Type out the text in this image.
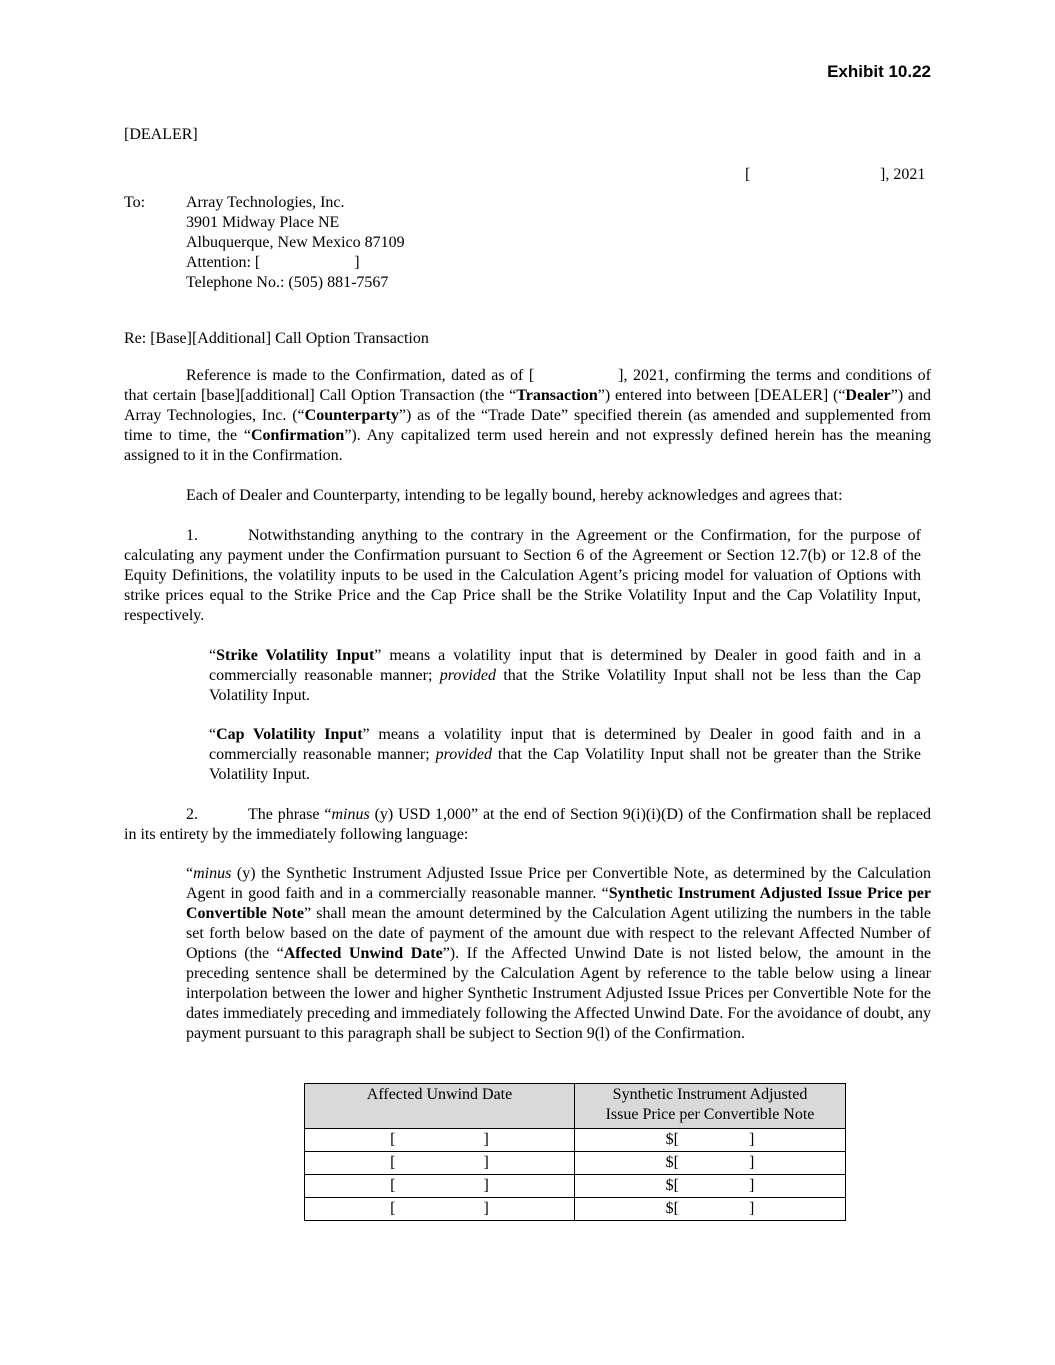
Exhibit 10.22
[DEALER]
[	], 2021
To:	Array Technologies, Inc.
3901 Midway Place NE
Albuquerque, New Mexico 87109
Attention: [	]
Telephone No.: (505) 881-7567
Re: [Base][Additional] Call Option Transaction
Reference is made to the Confirmation, dated as of [	], 2021, confirming the terms and conditions of that certain [base][additional] Call Option Transaction (the “Transaction”) entered into between [DEALER] (“Dealer”) and Array Technologies, Inc. (“Counterparty”) as of the “Trade Date” specified therein (as amended and supplemented from time to time, the “Confirmation”). Any capitalized term used herein and not expressly defined herein has the meaning assigned to it in the Confirmation.
Each of Dealer and Counterparty, intending to be legally bound, hereby acknowledges and agrees that:
1.	Notwithstanding anything to the contrary in the Agreement or the Confirmation, for the purpose of calculating any payment under the Confirmation pursuant to Section 6 of the Agreement or Section 12.7(b) or 12.8 of the Equity Definitions, the volatility inputs to be used in the Calculation Agent’s pricing model for valuation of Options with strike prices equal to the Strike Price and the Cap Price shall be the Strike Volatility Input and the Cap Volatility Input, respectively.
“Strike Volatility Input” means a volatility input that is determined by Dealer in good faith and in a commercially reasonable manner; provided that the Strike Volatility Input shall not be less than the Cap Volatility Input.
“Cap Volatility Input” means a volatility input that is determined by Dealer in good faith and in a commercially reasonable manner; provided that the Cap Volatility Input shall not be greater than the Strike Volatility Input.
2.	The phrase “minus (y) USD 1,000” at the end of Section 9(i)(i)(D) of the Confirmation shall be replaced in its entirety by the immediately following language:
“minus (y) the Synthetic Instrument Adjusted Issue Price per Convertible Note, as determined by the Calculation Agent in good faith and in a commercially reasonable manner. “Synthetic Instrument Adjusted Issue Price per Convertible Note” shall mean the amount determined by the Calculation Agent utilizing the numbers in the table set forth below based on the date of payment of the amount due with respect to the relevant Affected Number of Options (the “Affected Unwind Date”). If the Affected Unwind Date is not listed below, the amount in the preceding sentence shall be determined by the Calculation Agent by reference to the table below using a linear interpolation between the lower and higher Synthetic Instrument Adjusted Issue Prices per Convertible Note for the dates immediately preceding and immediately following the Affected Unwind Date. For the avoidance of doubt, any payment pursuant to this paragraph shall be subject to Section 9(l) of the Confirmation.
Affected Unwind Date	Synthetic Instrument Adjusted
Issue Price per Convertible Note
[ ]	$[ ]
[ ]	$[ ]
[ ]	$[ ]
[ ]	$[ ]
